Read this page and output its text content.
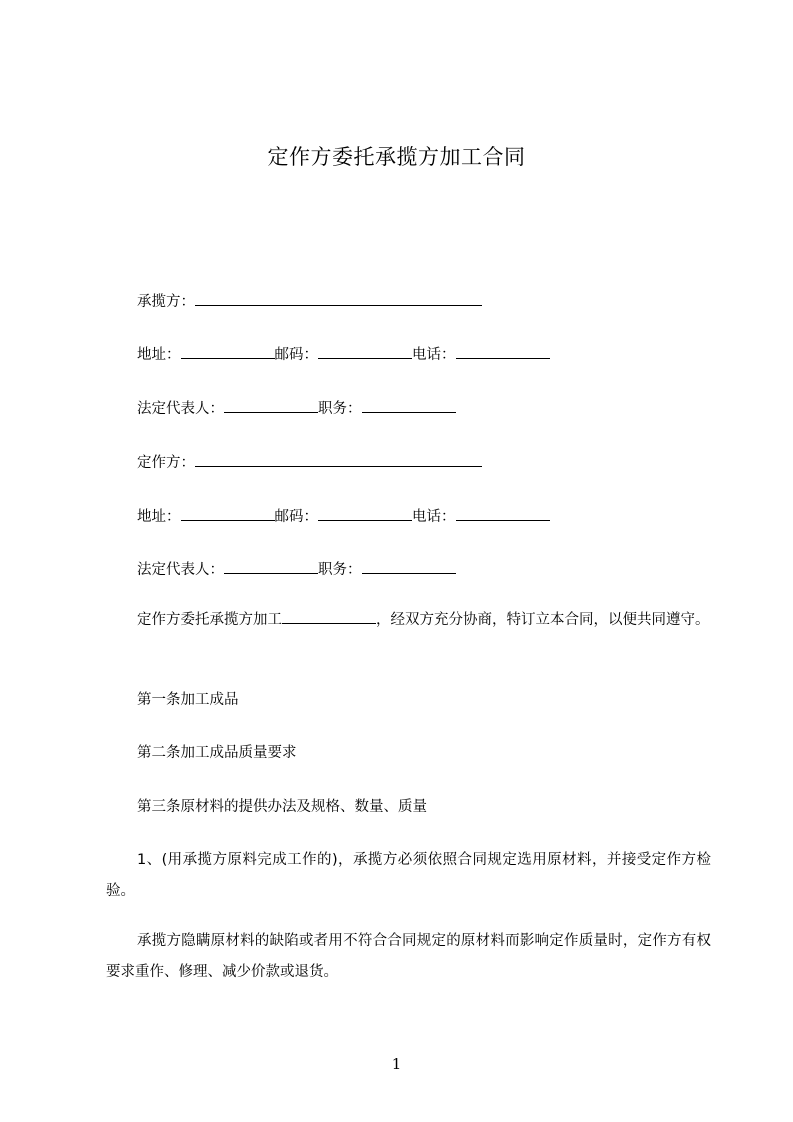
定作方委托承揽方加工合同
承揽方：
地址：	邮码：	电话：
法定代表人：	职务：
定作方：
地址：	邮码：	电话：
法定代表人：	职务：
定作方委托承揽方加工	，经双方充分协商，特订立本合同，以便共同遵守。
第一条加工成品
第二条加工成品质量要求
第三条原材料的提供办法及规格、数量、质量
1、(用承揽方原料完成工作的)，承揽方必须依照合同规定选用原材料，并接受定作方检验。
承揽方隐瞒原材料的缺陷或者用不符合合同规定的原材料而影响定作质量时，定作方有权要求重作、修理、减少价款或退货。
1
